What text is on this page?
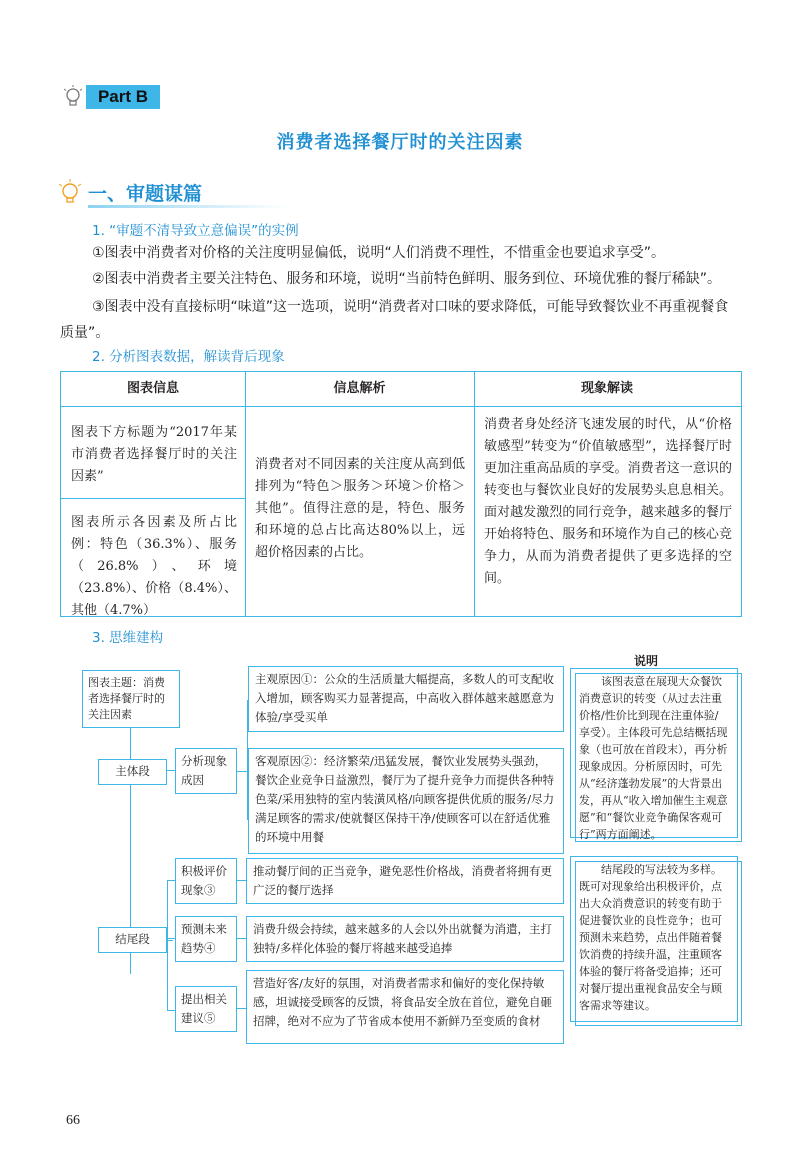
Part B
消费者选择餐厅时的关注因素
一、审题谋篇
1. “审题不清导致立意偏误”的实例
①图表中消费者对价格的关注度明显偏低，说明“人们消费不理性，不惜重金也要追求享受”。
②图表中消费者主要关注特色、服务和环境，说明“当前特色鲜明、服务到位、环境优雅的餐厅稀缺”。
③图表中没有直接标明“味道”这一选项，说明“消费者对口味的要求降低，可能导致餐饮业不再重视餐食质量”。
2. 分析图表数据，解读背后现象
图表信息	信息解析	现象解读
图表下方标题为“2017年某市消费者选择餐厅时的关注因素”
图表所示各因素及所占比例：特色（36.3%）、服务（26.8%）、环境（23.8%）、价格（8.4%）、其他（4.7%）
消费者对不同因素的关注度从高到低排列为“特色＞服务＞环境＞价格＞其他”。值得注意的是，特色、服务和环境的总占比高达80%以上，远超价格因素的占比。
消费者身处经济飞速发展的时代，从“价格敏感型”转变为“价值敏感型”，选择餐厅时更加注重高品质的享受。消费者这一意识的转变也与餐饮业良好的发展势头息息相关。面对越发激烈的同行竞争，越来越多的餐厅开始将特色、服务和环境作为自己的核心竞争力，从而为消费者提供了更多选择的空间。
3. 思维建构
图表主题：消费者选择餐厅时的关注因素
主体段
分析现象成因
主观原因①：公众的生活质量大幅提高，多数人的可支配收入增加，顾客购买力显著提高，中高收入群体越来越愿意为体验/享受买单
客观原因②：经济繁荣/迅猛发展，餐饮业发展势头强劲，餐饮企业竞争日益激烈，餐厅为了提升竞争力而提供各种特色菜/采用独特的室内装潢风格/向顾客提供优质的服务/尽力满足顾客的需求/使就餐区保持干净/使顾客可以在舒适优雅的环境中用餐
结尾段
积极评价现象③
预测未来趋势④
提出相关建议⑤
推动餐厅间的正当竞争，避免恶性价格战，消费者将拥有更广泛的餐厅选择
消费升级会持续，越来越多的人会以外出就餐为消遣，主打独特/多样化体验的餐厅将越来越受追捧
营造好客/友好的氛围，对消费者需求和偏好的变化保持敏感，坦诚接受顾客的反馈，将食品安全放在首位，避免自砸招牌，绝对不应为了节省成本使用不新鲜乃至变质的食材
说明
该图表意在展现大众餐饮消费意识的转变（从过去注重价格/性价比到现在注重体验/享受）。主体段可先总结概括现象（也可放在首段末），再分析现象成因。分析原因时，可先从“经济蓬勃发展”的大背景出发，再从“收入增加催生主观意愿”和“餐饮业竞争确保客观可行”两方面阐述。
结尾段的写法较为多样。既可对现象给出积极评价，点出大众消费意识的转变有助于促进餐饮业的良性竞争；也可预测未来趋势，点出伴随着餐饮消费的持续升温，注重顾客体验的餐厅将备受追捧；还可对餐厅提出重视食品安全与顾客需求等建议。
66
